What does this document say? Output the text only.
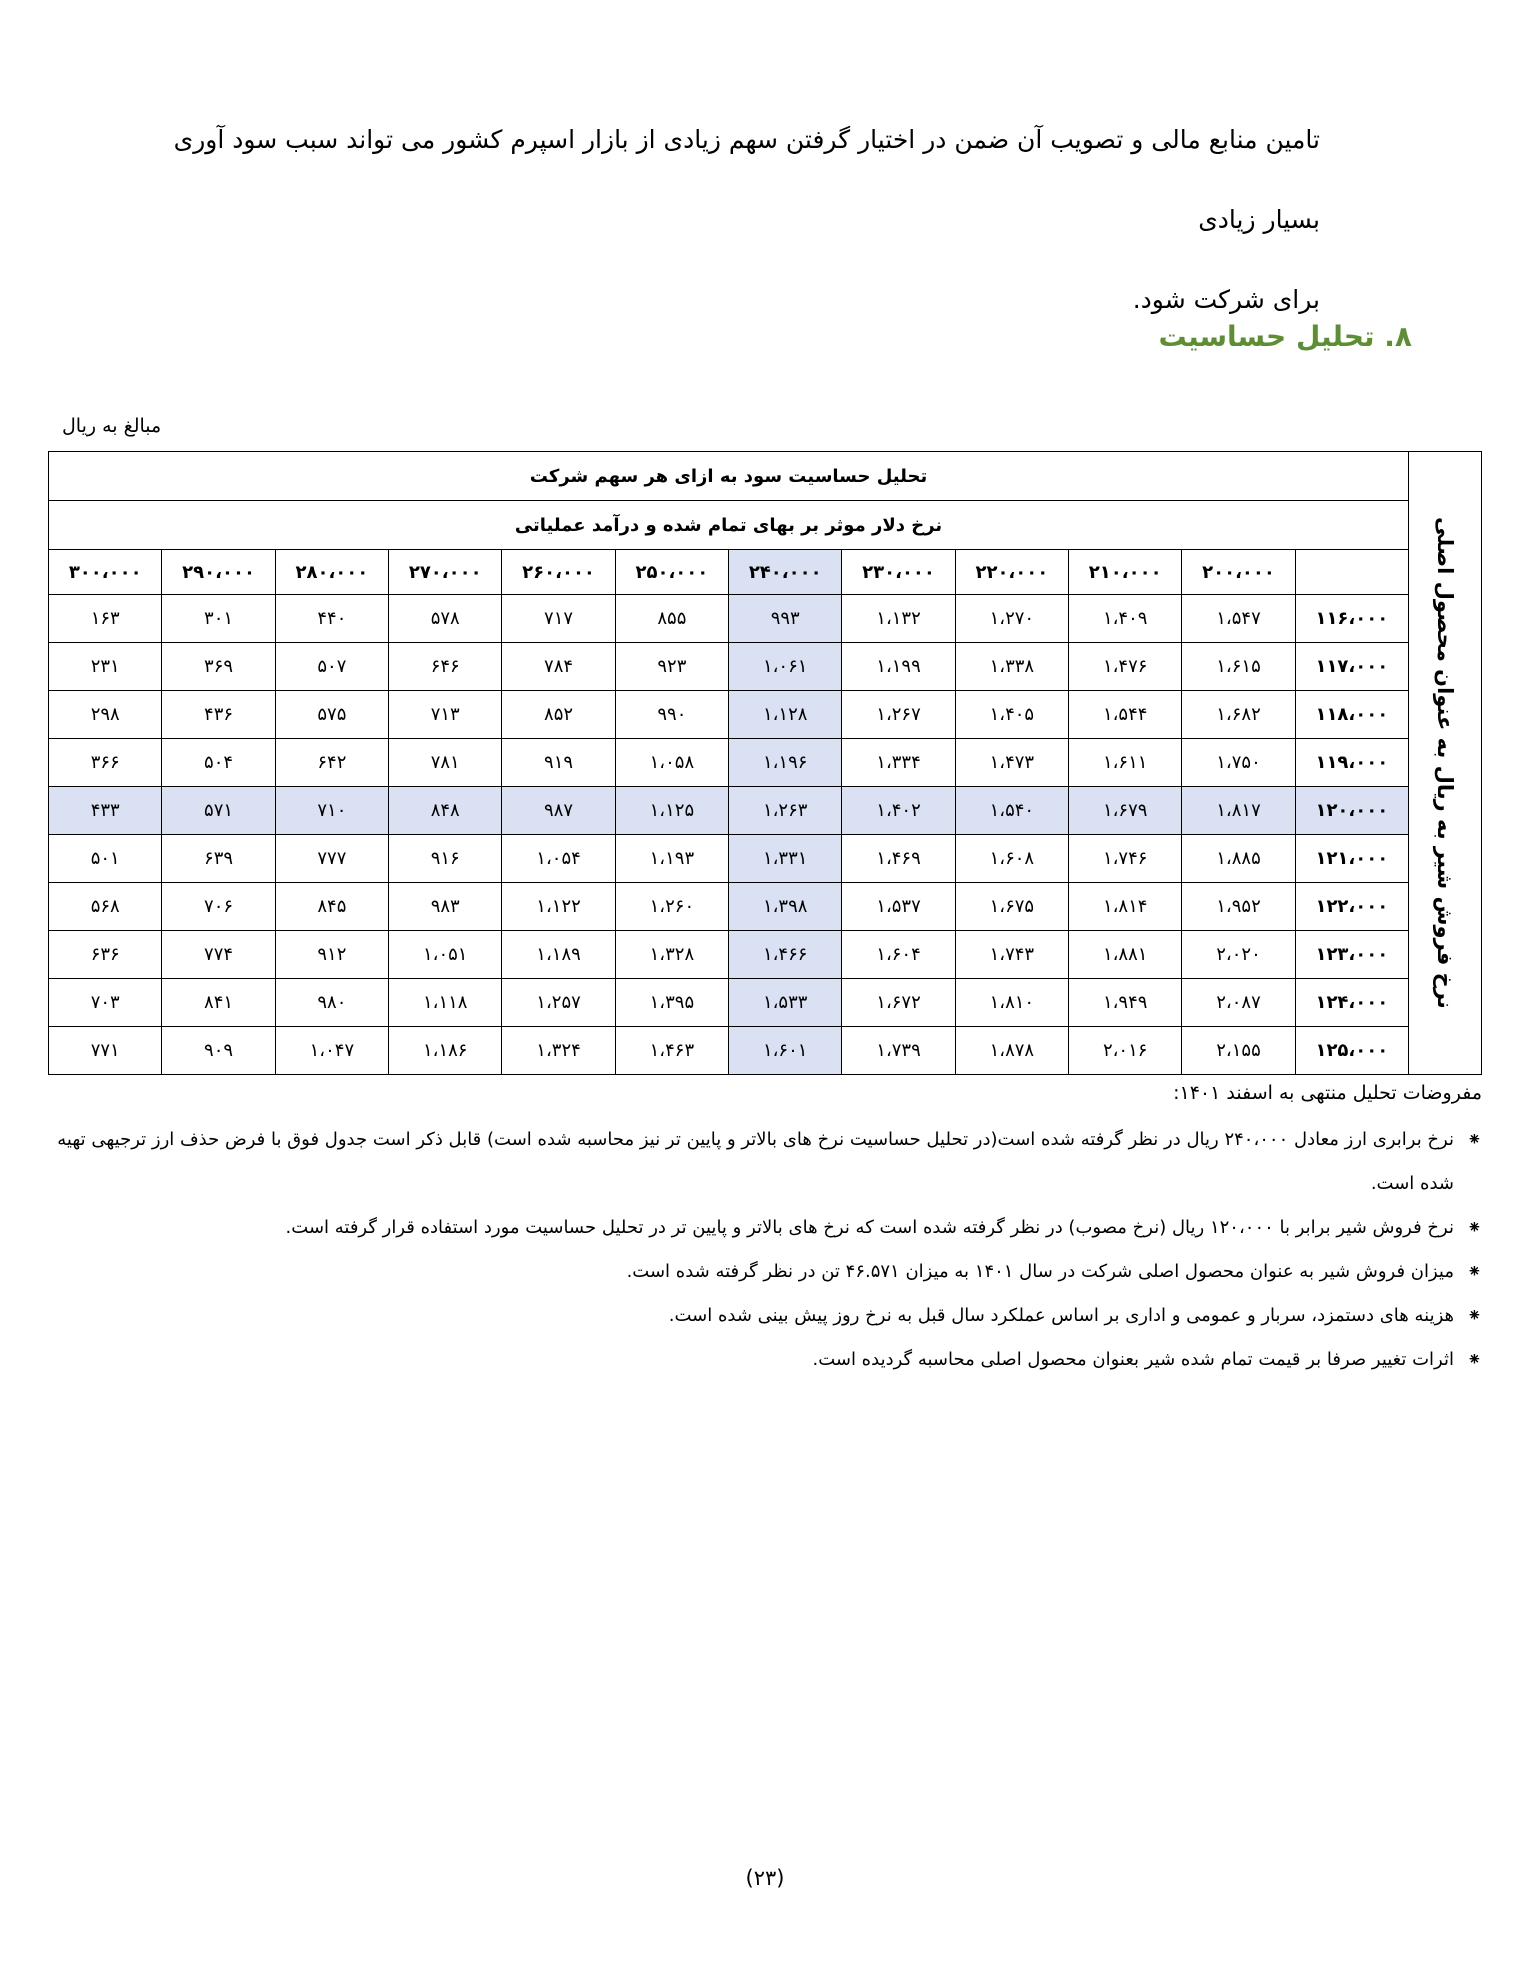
تامین منابع مالی و تصویب آن ضمن در اختیار گرفتن سهم زیادی از بازار اسپرم کشور می تواند سبب سود آوری بسیار زیادی
برای شرکت شود.
۸. تحلیل حساسیت
مبالغ به ریال
نرخ فروش شیر به ریال به عنوان محصول اصلی	تحلیل حساسیت سود به ازای هر سهم شرکت											
	نرخ دلار موثر بر بهای تمام شده و درآمد عملیاتی											
		۲۰۰،۰۰۰	۲۱۰،۰۰۰	۲۲۰،۰۰۰	۲۳۰،۰۰۰	۲۴۰،۰۰۰	۲۵۰،۰۰۰	۲۶۰،۰۰۰	۲۷۰،۰۰۰	۲۸۰،۰۰۰	۲۹۰،۰۰۰	۳۰۰،۰۰۰
	۱۱۶،۰۰۰	۱،۵۴۷	۱،۴۰۹	۱،۲۷۰	۱،۱۳۲	۹۹۳	۸۵۵	۷۱۷	۵۷۸	۴۴۰	۳۰۱	۱۶۳
	۱۱۷،۰۰۰	۱،۶۱۵	۱،۴۷۶	۱،۳۳۸	۱،۱۹۹	۱،۰۶۱	۹۲۳	۷۸۴	۶۴۶	۵۰۷	۳۶۹	۲۳۱
	۱۱۸،۰۰۰	۱،۶۸۲	۱،۵۴۴	۱،۴۰۵	۱،۲۶۷	۱،۱۲۸	۹۹۰	۸۵۲	۷۱۳	۵۷۵	۴۳۶	۲۹۸
	۱۱۹،۰۰۰	۱،۷۵۰	۱،۶۱۱	۱،۴۷۳	۱،۳۳۴	۱،۱۹۶	۱،۰۵۸	۹۱۹	۷۸۱	۶۴۲	۵۰۴	۳۶۶
	۱۲۰،۰۰۰	۱،۸۱۷	۱،۶۷۹	۱،۵۴۰	۱،۴۰۲	۱،۲۶۳	۱،۱۲۵	۹۸۷	۸۴۸	۷۱۰	۵۷۱	۴۳۳
	۱۲۱،۰۰۰	۱،۸۸۵	۱،۷۴۶	۱،۶۰۸	۱،۴۶۹	۱،۳۳۱	۱،۱۹۳	۱،۰۵۴	۹۱۶	۷۷۷	۶۳۹	۵۰۱
	۱۲۲،۰۰۰	۱،۹۵۲	۱،۸۱۴	۱،۶۷۵	۱،۵۳۷	۱،۳۹۸	۱،۲۶۰	۱،۱۲۲	۹۸۳	۸۴۵	۷۰۶	۵۶۸
	۱۲۳،۰۰۰	۲،۰۲۰	۱،۸۸۱	۱،۷۴۳	۱،۶۰۴	۱،۴۶۶	۱،۳۲۸	۱،۱۸۹	۱،۰۵۱	۹۱۲	۷۷۴	۶۳۶
	۱۲۴،۰۰۰	۲،۰۸۷	۱،۹۴۹	۱،۸۱۰	۱،۶۷۲	۱،۵۳۳	۱،۳۹۵	۱،۲۵۷	۱،۱۱۸	۹۸۰	۸۴۱	۷۰۳
	۱۲۵،۰۰۰	۲،۱۵۵	۲،۰۱۶	۱،۸۷۸	۱،۷۳۹	۱،۶۰۱	۱،۴۶۳	۱،۳۲۴	۱،۱۸۶	۱،۰۴۷	۹۰۹	۷۷۱
مفروضات تحلیل منتهی به اسفند ۱۴۰۱:
⁕
نرخ برابری ارز معادل ۲۴۰،۰۰۰ ریال در نظر گرفته شده است(در تحلیل حساسیت نرخ های بالاتر و پایین تر نیز محاسبه شده است) قابل ذکر است جدول فوق با فرض حذف ارز ترجیهی تهیه شده است.
⁕
نرخ فروش شیر برابر با ۱۲۰،۰۰۰ ریال (نرخ مصوب) در نظر گرفته شده است که نرخ های بالاتر و پایین تر در تحلیل حساسیت مورد استفاده قرار گرفته است.
⁕
میزان فروش شیر به عنوان محصول اصلی شرکت در سال ۱۴۰۱ به میزان ۴۶.۵۷۱ تن در نظر گرفته شده است.
⁕
هزینه های دستمزد، سربار و عمومی و اداری بر اساس عملکرد سال قبل به نرخ روز پیش بینی شده است.
⁕
اثرات تغییر صرفا بر قیمت تمام شده شیر بعنوان محصول اصلی محاسبه گردیده است.
(۲۳)
